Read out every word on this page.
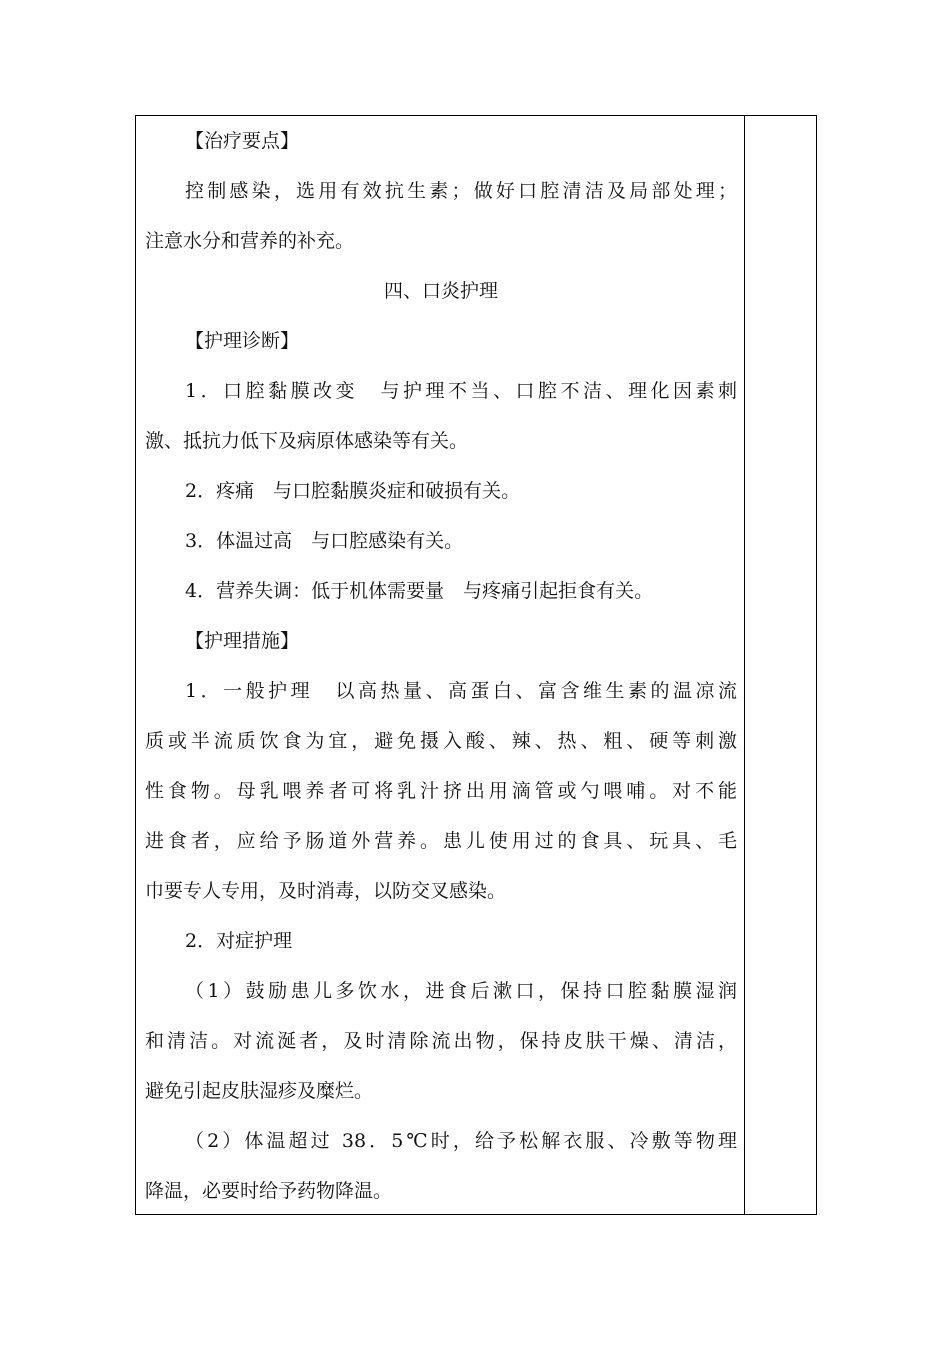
【治疗要点】
控制感染，选用有效抗生素；做好口腔清洁及局部处理；
注意水分和营养的补充。
四、口炎护理
【护理诊断】
1．口腔黏膜改变　与护理不当、口腔不洁、理化因素刺
激、抵抗力低下及病原体感染等有关。
2．疼痛　与口腔黏膜炎症和破损有关。
3．体温过高　与口腔感染有关。
4．营养失调：低于机体需要量　与疼痛引起拒食有关。
【护理措施】
1．一般护理　以高热量、高蛋白、富含维生素的温凉流
质或半流质饮食为宜，避免摄入酸、辣、热、粗、硬等刺激
性食物。母乳喂养者可将乳汁挤出用滴管或勺喂哺。对不能
进食者，应给予肠道外营养。患儿使用过的食具、玩具、毛
巾要专人专用，及时消毒，以防交叉感染。
2．对症护理
（1）鼓励患儿多饮水，进食后漱口，保持口腔黏膜湿润
和清洁。对流涎者，及时清除流出物，保持皮肤干燥、清洁，
避免引起皮肤湿疹及糜烂。
（2）体温超过 38．5℃时，给予松解衣服、冷敷等物理
降温，必要时给予药物降温。
